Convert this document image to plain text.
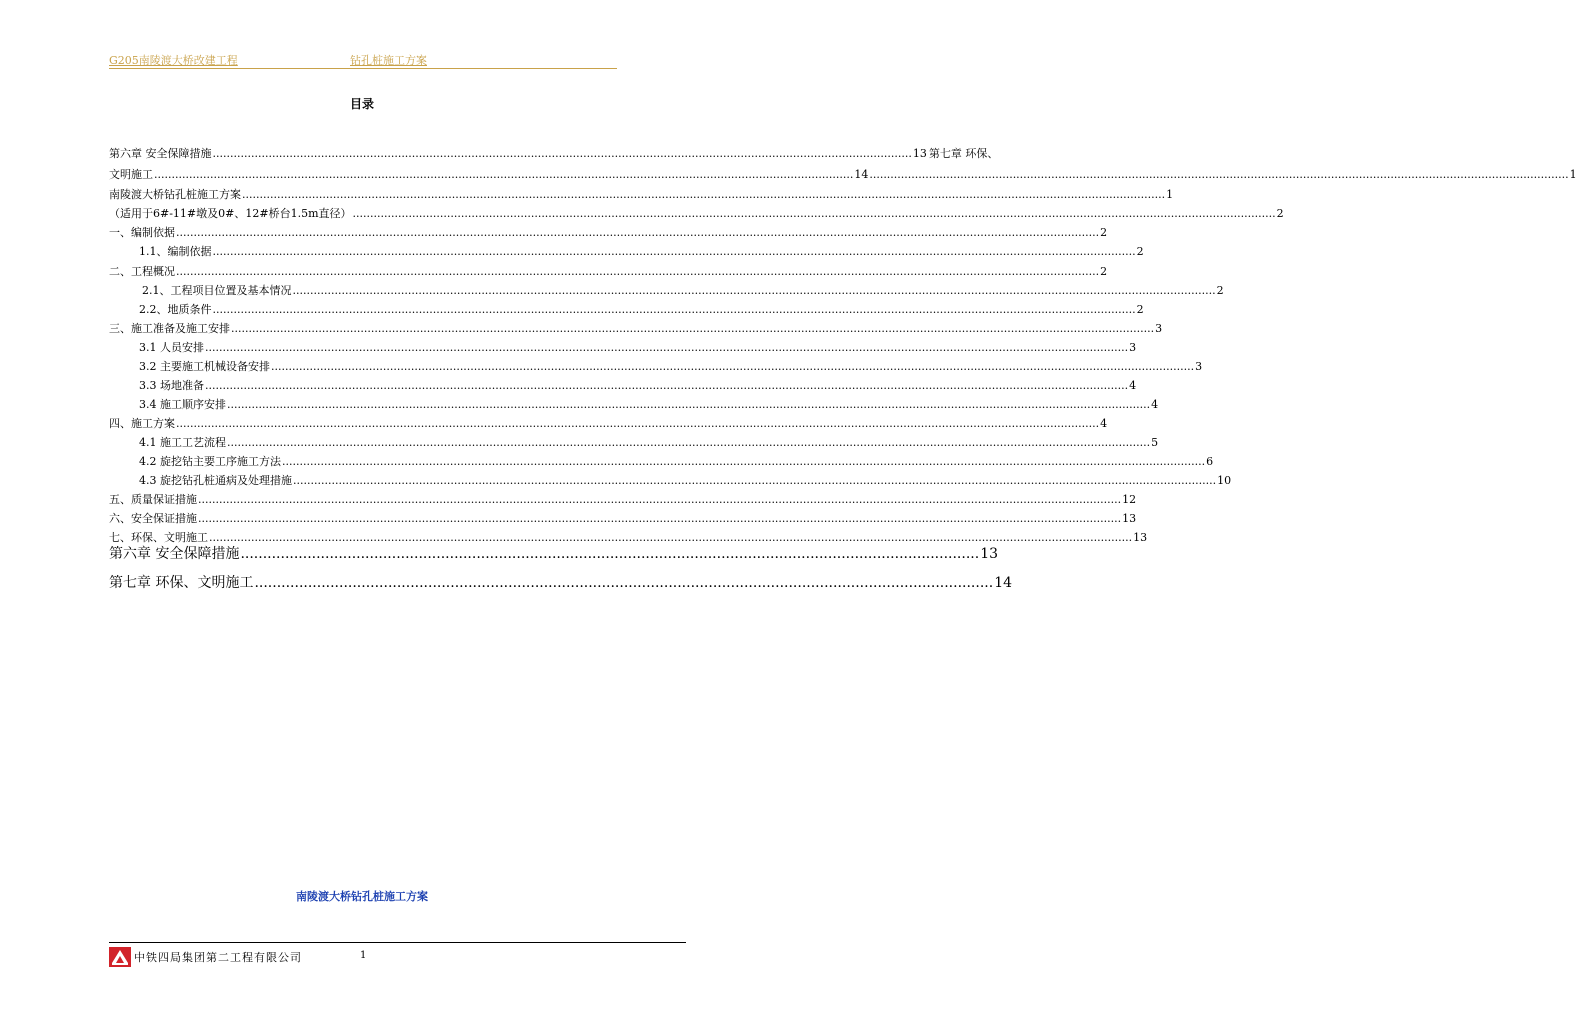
G205南陵渡大桥改建工程	钻孔桩施工方案
目录
第六章 安全保障措施 ........................................................................................................................................................................................................ 13 第七章 环保、
文明施工 ........................................................................................................................................................................................................ 14 ........................................................................................................................................................................................................ 1
南陵渡大桥钻孔桩施工方案 .....	1
（适用于6#-11#墩及0#、12#桥台1.5m直径） .....	2
一、编制依据 .....	2
1.1、编制依据 .....	2
二、工程概况 .....	2
2.1、工程项目位置及基本情况 .....	2
2.2、地质条件 .....	2
三、施工准备及施工安排 .....	3
3.1 人员安排 .....	3
3.2 主要施工机械设备安排 .....	3
3.3 场地准备 .....	4
3.4 施工顺序安排 .....	4
四、施工方案 .....	4
4.1 施工工艺流程 .....	5
4.2 旋挖钻主要工序施工方法 .....	6
4.3 旋挖钻孔桩通病及处理措施 .....	10
五、质量保证措施 .....	12
六、安全保证措施 .....	13
七、环保、文明施工 .....	13
第六章 安全保障措施 ...................................................................................................................................................................... 13
第七章 环保、文明施工 ...................................................................................................................................................................... 14
南陵渡大桥钻孔桩施工方案
中铁四局集团第二工程有限公司	1
